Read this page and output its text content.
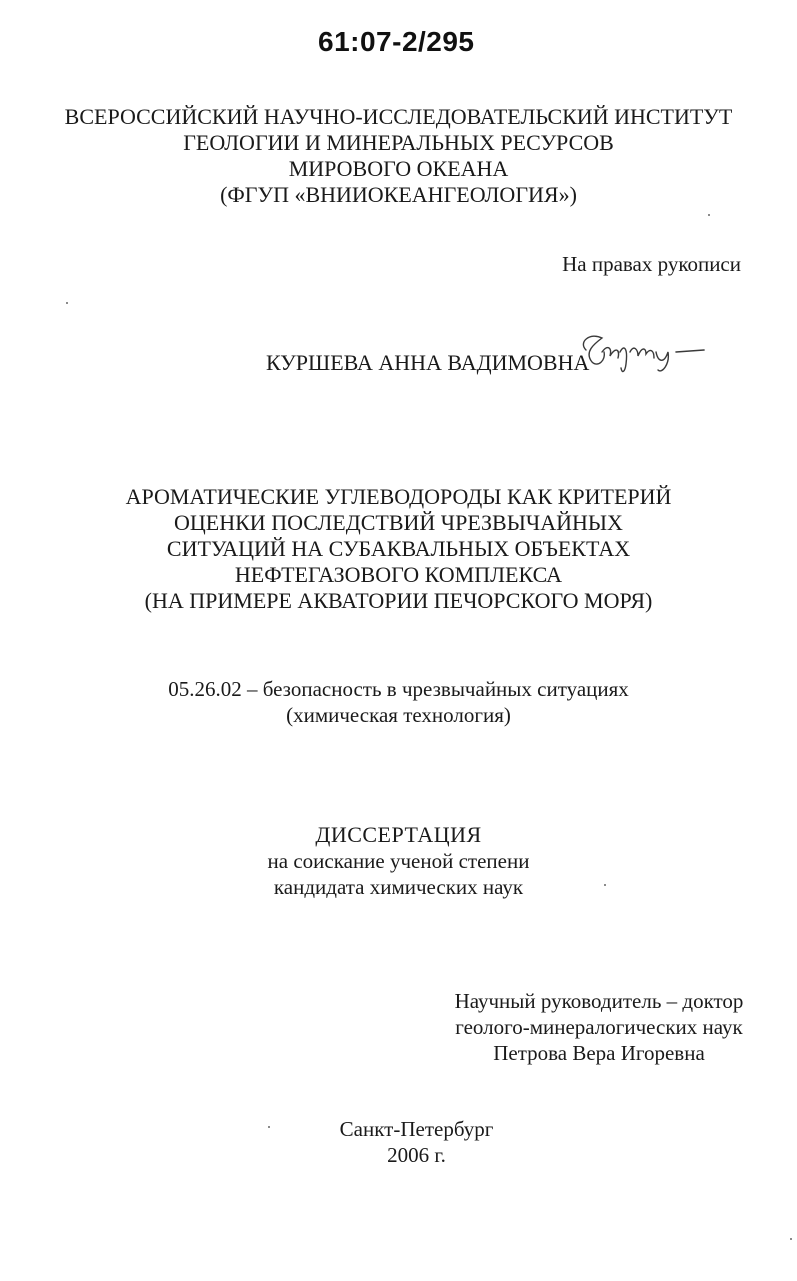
61:07-2/295
ВСЕРОССИЙСКИЙ НАУЧНО-ИССЛЕДОВАТЕЛЬСКИЙ ИНСТИТУТ
ГЕОЛОГИИ И МИНЕРАЛЬНЫХ РЕСУРСОВ
МИРОВОГО ОКЕАНА
(ФГУП «ВНИИОКЕАНГЕОЛОГИЯ»)
На правах рукописи
КУРШЕВА АННА ВАДИМОВНА
АРОМАТИЧЕСКИЕ УГЛЕВОДОРОДЫ КАК КРИТЕРИЙ
ОЦЕНКИ ПОСЛЕДСТВИЙ ЧРЕЗВЫЧАЙНЫХ
СИТУАЦИЙ НА СУБАКВАЛЬНЫХ ОБЪЕКТАХ
НЕФТЕГАЗОВОГО КОМПЛЕКСА
(НА ПРИМЕРЕ АКВАТОРИИ ПЕЧОРСКОГО МОРЯ)
05.26.02 – безопасность в чрезвычайных ситуациях
(химическая технология)
ДИССЕРТАЦИЯ
на соискание ученой степени
кандидата химических наук
Научный руководитель – доктор
геолого-минералогических наук
Петрова Вера Игоревна
Санкт-Петербург
2006 г.
